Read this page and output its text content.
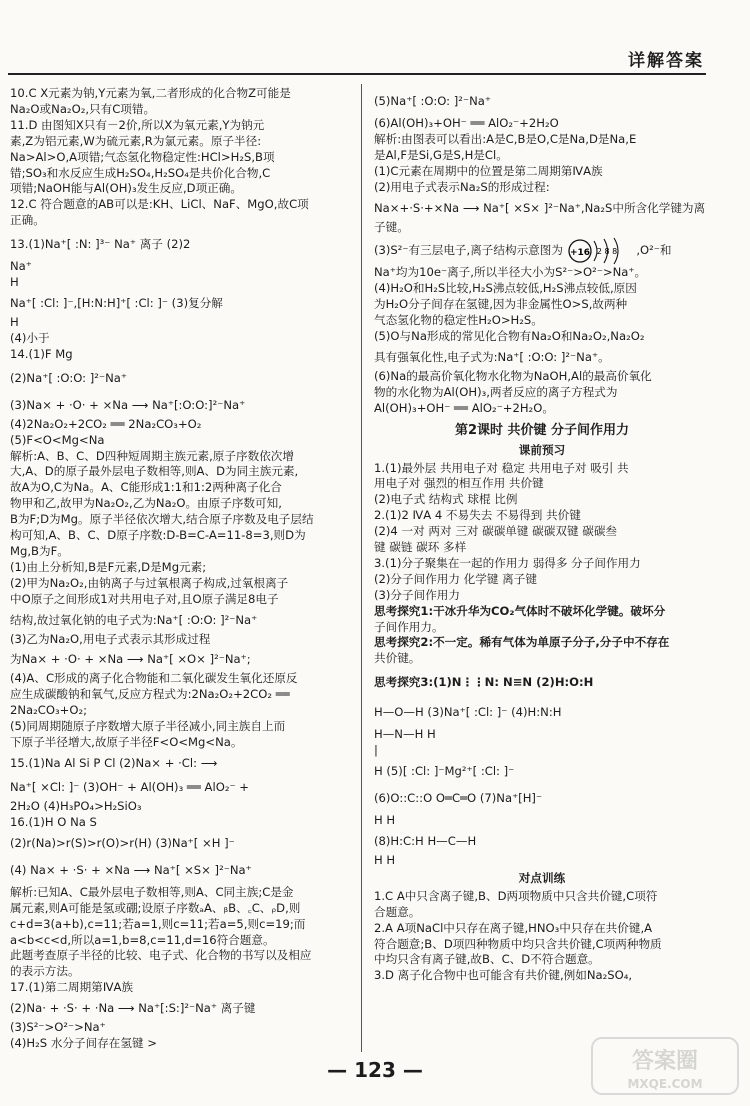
详解答案
10.C X元素为钠,Y元素为氧,二者形成的化合物Z可能是
Na₂O或Na₂O₂,只有C项错。
11.D 由图知X只有－2价,所以X为氧元素,Y为钠元
素,Z为铝元素,W为硫元素,R为氯元素。原子半径:
Na>Al>O,A项错;气态氢化物稳定性:HCl>H₂S,B项
错;SO₃和水反应生成H₂SO₄,H₂SO₄是共价化合物,C
项错;NaOH能与Al(OH)₃发生反应,D项正确。
12.C 符合题意的AB可以是:KH、LiCl、NaF、MgO,故C项
正确。
13.(1)Na⁺[ :N: ]³⁻ Na⁺ 离子 (2)2
Na⁺
H
Na⁺[ :Cl: ]⁻,[H:N:H]⁺[ :Cl: ]⁻ (3)复分解
H
(4)小于
14.(1)F Mg
(2)Na⁺[ :O:O: ]²⁻Na⁺
(3)Na× + ·O· + ×Na ⟶ Na⁺[:O:O:]²⁻Na⁺
(4)2Na₂O₂+2CO₂ ══ 2Na₂CO₃+O₂
(5)F<O<Mg<Na
解析:A、B、C、D四种短周期主族元素,原子序数依次增
大,A、D的原子最外层电子数相等,则A、D为同主族元素,
故A为O,C为Na。A、C能形成1:1和1:2两种离子化合
物甲和乙,故甲为Na₂O₂,乙为Na₂O。由原子序数可知,
B为F;D为Mg。原子半径依次增大,结合原子序数及电子层结
构可知,A、B、C、D原子序数:D-B=C-A=11-8=3,则D为
Mg,B为F。
(1)由上分析知,B是F元素,D是Mg元素;
(2)甲为Na₂O₂,由钠离子与过氧根离子构成,过氧根离子
中O原子之间形成1对共用电子对,且O原子满足8电子
结构,故过氧化钠的电子式为:Na⁺[ :O:O: ]²⁻Na⁺
(3)乙为Na₂O,用电子式表示其形成过程
为Na× + ·O· + ×Na ⟶ Na⁺[ ×O× ]²⁻Na⁺;
(4)A、C形成的离子化合物能和二氧化碳发生氧化还原反
应生成碳酸钠和氧气,反应方程式为:2Na₂O₂+2CO₂ ══
2Na₂CO₃+O₂;
(5)同周期随原子序数增大原子半径减小,同主族自上而
下原子半径增大,故原子半径F<O<Mg<Na。
15.(1)Na Al Si P Cl (2)Na× + ·Cl: ⟶
Na⁺[ ×Cl: ]⁻ (3)OH⁻ + Al(OH)₃ ══ AlO₂⁻ +
2H₂O (4)H₃PO₄>H₂SiO₃
16.(1)H O Na S
(2)r(Na)>r(S)>r(O)>r(H) (3)Na⁺[ ×H ]⁻
(4) Na× + ·S· + ×Na ⟶ Na⁺[ ×S× ]²⁻Na⁺
解析:已知A、C最外层电子数相等,则A、C同主族;C是金
属元素,则A可能是氢或硼;设原子序数ₐA、ᵦB、꜀C、ᵨD,则
c+d=3(a+b),c=11;若a=1,则c=11;若a=5,则c=19;而
a<b<c<d,所以a=1,b=8,c=11,d=16符合题意。
此题考查原子半径的比较、电子式、化合物的书写以及相应
的表示方法。
17.(1)第二周期第ⅣA族
(2)Na· + ·S· + ·Na ⟶ Na⁺[:S:]²⁻Na⁺ 离子键
(3)S²⁻>O²⁻>Na⁺
(4)H₂S 水分子间存在氢键 >
(5)Na⁺[ :O:O: ]²⁻Na⁺
(6)Al(OH)₃+OH⁻ ══ AlO₂⁻+2H₂O
解析:由图表可以看出:A是C,B是O,C是Na,D是Na,E
是Al,F是Si,G是S,H是Cl。
(1)C元素在周期中的位置是第二周期第ⅣA族
(2)用电子式表示Na₂S的形成过程:
Na×+·S·+×Na ⟶ Na⁺[ ×S× ]²⁻Na⁺,Na₂S中所含化学键为离
子键。
(3)S²⁻有三层电子,离子结构示意图为 +16 2 8 8 ,O²⁻和
Na⁺均为10e⁻离子,所以半径大小为S²⁻>O²⁻>Na⁺。
(4)H₂O和H₂S比较,H₂S沸点较低,H₂S沸点较低,原因
为H₂O分子间存在氢键,因为非金属性O>S,故两种
气态氢化物的稳定性H₂O>H₂S。
(5)O与Na形成的常见化合物有Na₂O和Na₂O₂,Na₂O₂
具有强氧化性,电子式为:Na⁺[ :O:O: ]²⁻Na⁺。
(6)Na的最高价氧化物水化物为NaOH,Al的最高价氧化
物的水化物为Al(OH)₃,两者反应的离子方程式为
Al(OH)₃+OH⁻ ══ AlO₂⁻+2H₂O。
第2课时 共价键 分子间作用力
课前预习
1.(1)最外层 共用电子对 稳定 共用电子对 吸引 共
用电子对 强烈的相互作用 共价键
(2)电子式 结构式 球棍 比例
2.(1)2 ⅣA 4 不易失去 不易得到 共价键
(2)4 一对 两对 三对 碳碳单键 碳碳双键 碳碳叁
键 碳链 碳环 多样
3.(1)分子聚集在一起的作用力 弱得多 分子间作用力
(2)分子间作用力 化学键 离子键
(3)分子间作用力
思考探究1:干冰升华为CO₂气体时不破坏化学键。破坏分
子间作用力。
思考探究2:不一定。稀有气体为单原子分子,分子中不存在
共价键。
思考探究3:(1)N⋮⋮N: N≡N (2)H:O:H
H—O—H (3)Na⁺[ :Cl: ]⁻ (4)H:N:H
H—N—H H
|
H (5)[ :Cl: ]⁻Mg²⁺[ :Cl: ]⁻
(6)O::C::O O═C═O (7)Na⁺[H]⁻
H H
(8)H:C:H H—C—H
H H
对点训练
1.C A中只含离子键,B、D两项物质中只含共价键,C项符
合题意。
2.A A项NaCl中只存在离子键,HNO₃中只存在共价键,A
符合题意;B、D项四种物质中均只含共价键,C项两种物质
中均只含有离子键,故B、C、D不符合题意。
3.D 离子化合物中也可能含有共价键,例如Na₂SO₄,
— 123 —	答案圈
MXQE.COM
